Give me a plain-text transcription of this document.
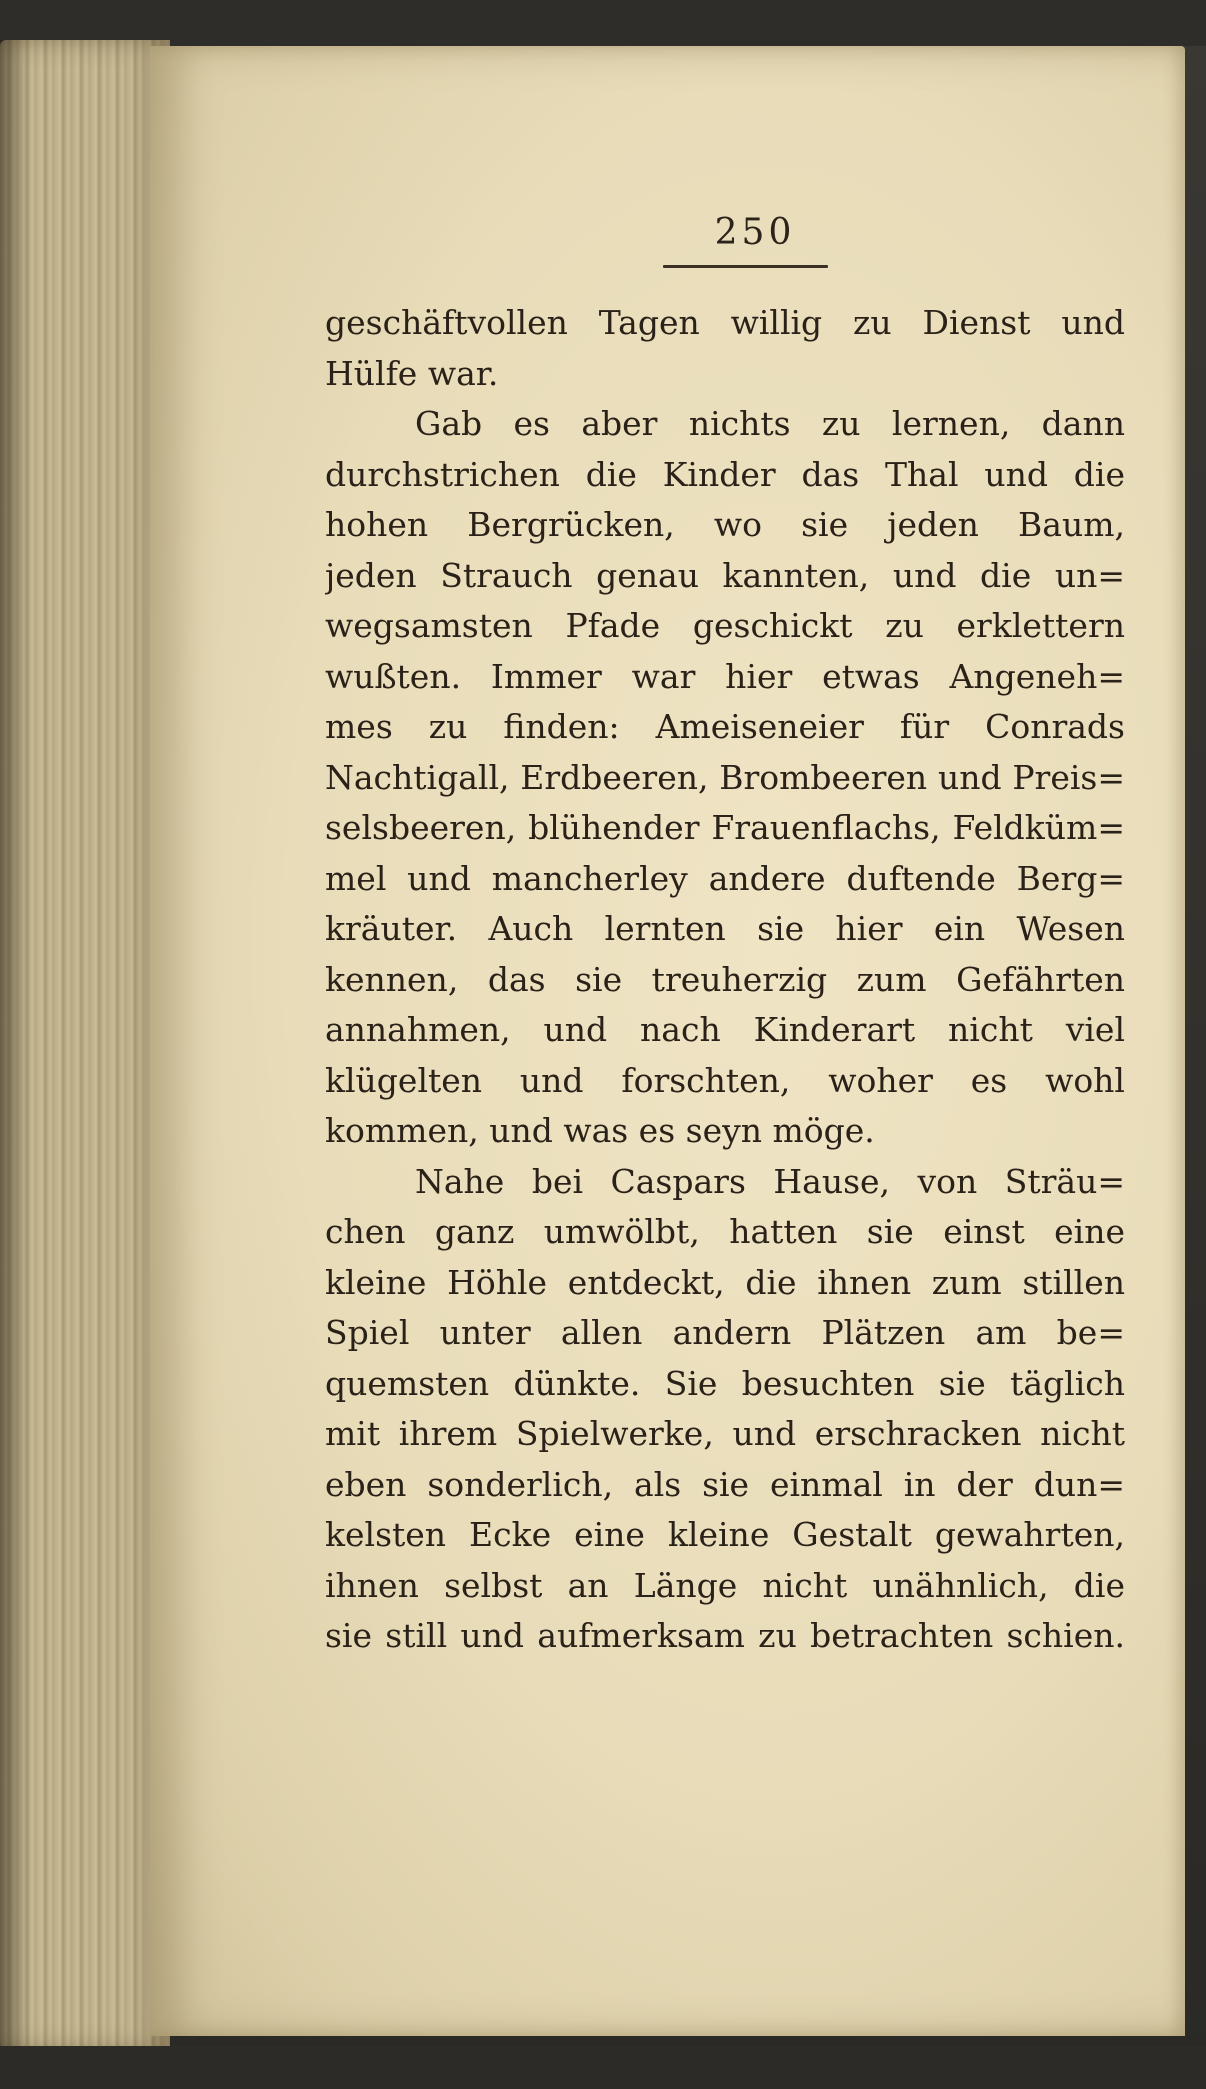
250
geschäftvollen Tagen willig zu Dienst und
Hülfe war.
Gab es aber nichts zu lernen, dann
durchstrichen die Kinder das Thal und die
hohen Bergrücken, wo sie jeden Baum,
jeden Strauch genau kannten, und die un=
wegsamsten Pfade geschickt zu erklettern
wußten. Immer war hier etwas Angeneh=
mes zu finden: Ameiseneier für Conrads
Nachtigall, Erdbeeren, Brombeeren und Preis=
selsbeeren, blühender Frauenflachs, Feldküm=
mel und mancherley andere duftende Berg=
kräuter. Auch lernten sie hier ein Wesen
kennen, das sie treuherzig zum Gefährten
annahmen, und nach Kinderart nicht viel
klügelten und forschten, woher es wohl
kommen, und was es seyn möge.
Nahe bei Caspars Hause, von Sträu=
chen ganz umwölbt, hatten sie einst eine
kleine Höhle entdeckt, die ihnen zum stillen
Spiel unter allen andern Plätzen am be=
quemsten dünkte. Sie besuchten sie täglich
mit ihrem Spielwerke, und erschracken nicht
eben sonderlich, als sie einmal in der dun=
kelsten Ecke eine kleine Gestalt gewahrten,
ihnen selbst an Länge nicht unähnlich, die
sie still und aufmerksam zu betrachten schien.
